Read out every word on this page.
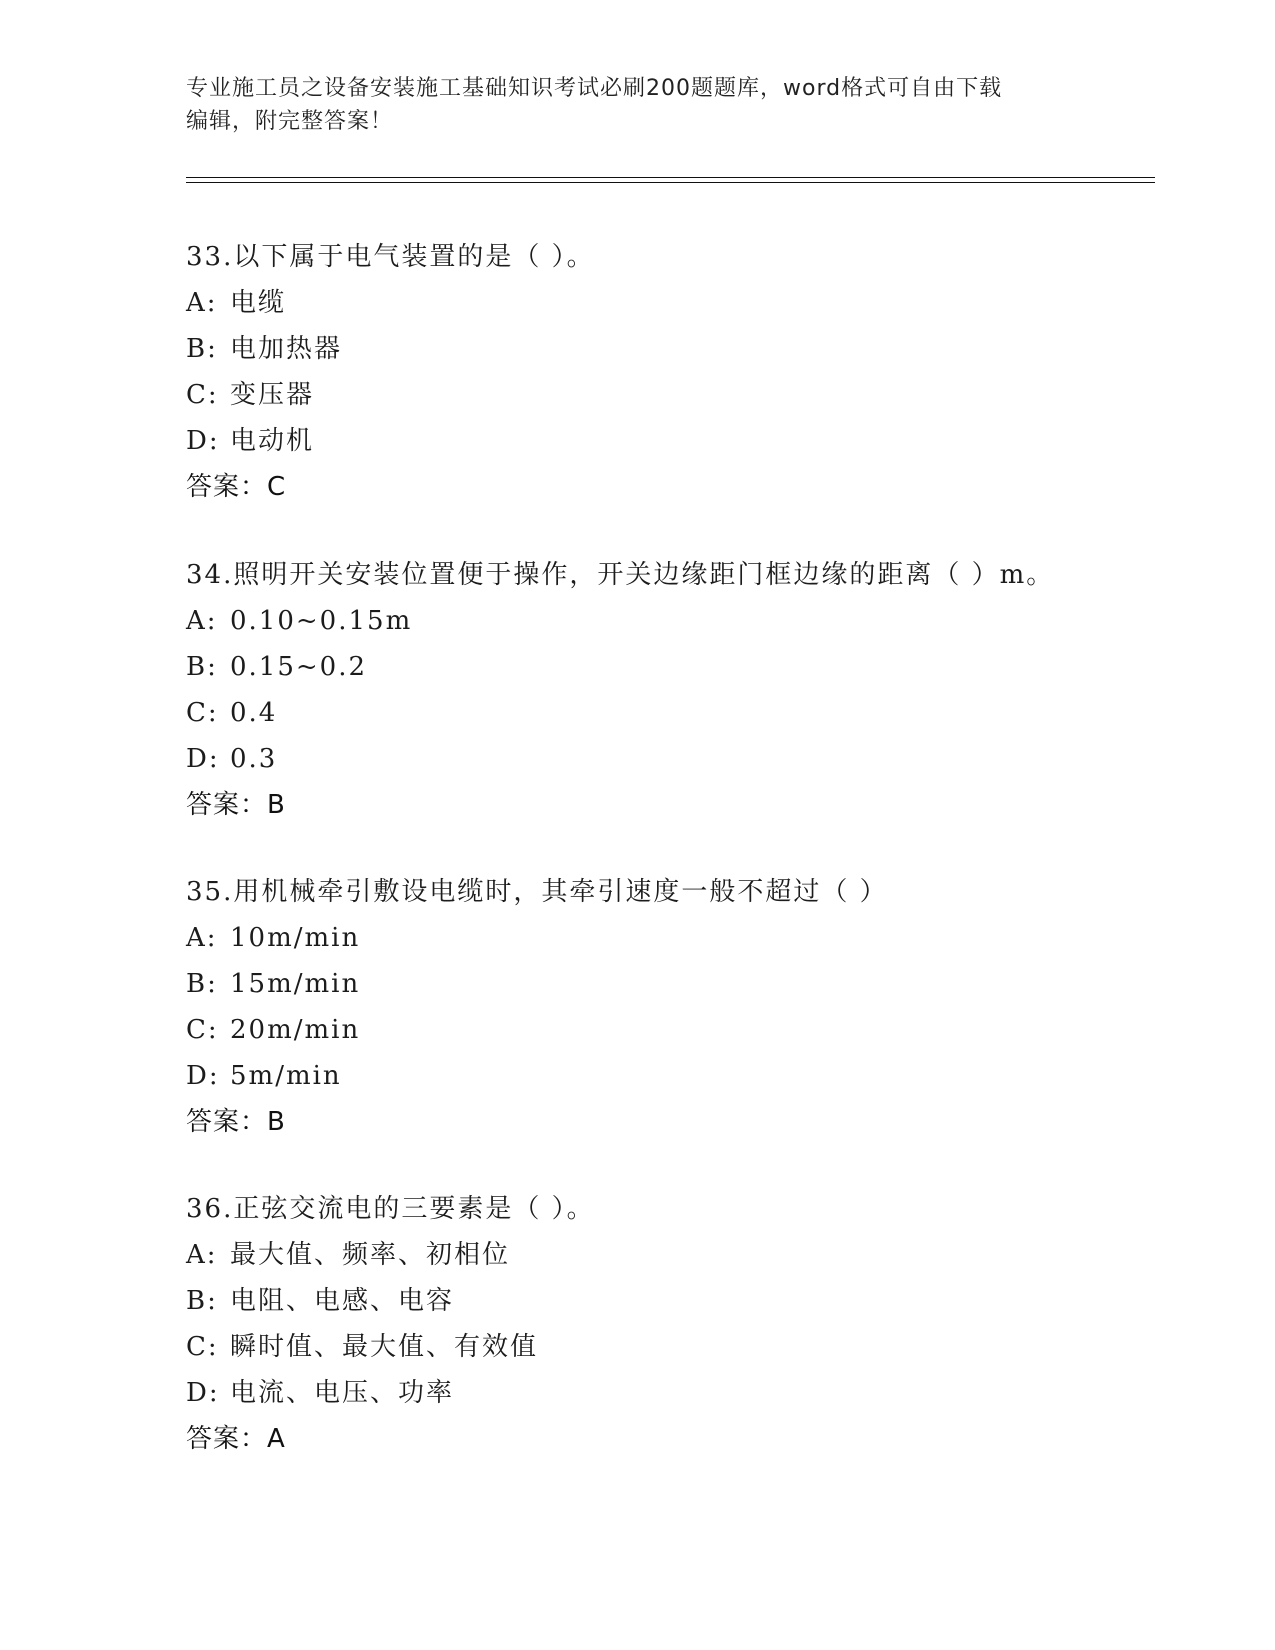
专业施工员之设备安装施工基础知识考试必刷200题题库，word格式可自由下载
编辑，附完整答案！
33.以下属于电气装置的是（ ）。
A: 电缆
B: 电加热器
C: 变压器
D: 电动机
答案：C
34.照明开关安装位置便于操作，开关边缘距门框边缘的距离（ ）m。
A: 0.10~0.15m
B: 0.15~0.2
C: 0.4
D: 0.3
答案：B
35.用机械牵引敷设电缆时，其牵引速度一般不超过（ ）
A: 10m/min
B: 15m/min
C: 20m/min
D: 5m/min
答案：B
36.正弦交流电的三要素是（ ）。
A: 最大值、频率、初相位
B: 电阻、电感、电容
C: 瞬时值、最大值、有效值
D: 电流、电压、功率
答案：A
